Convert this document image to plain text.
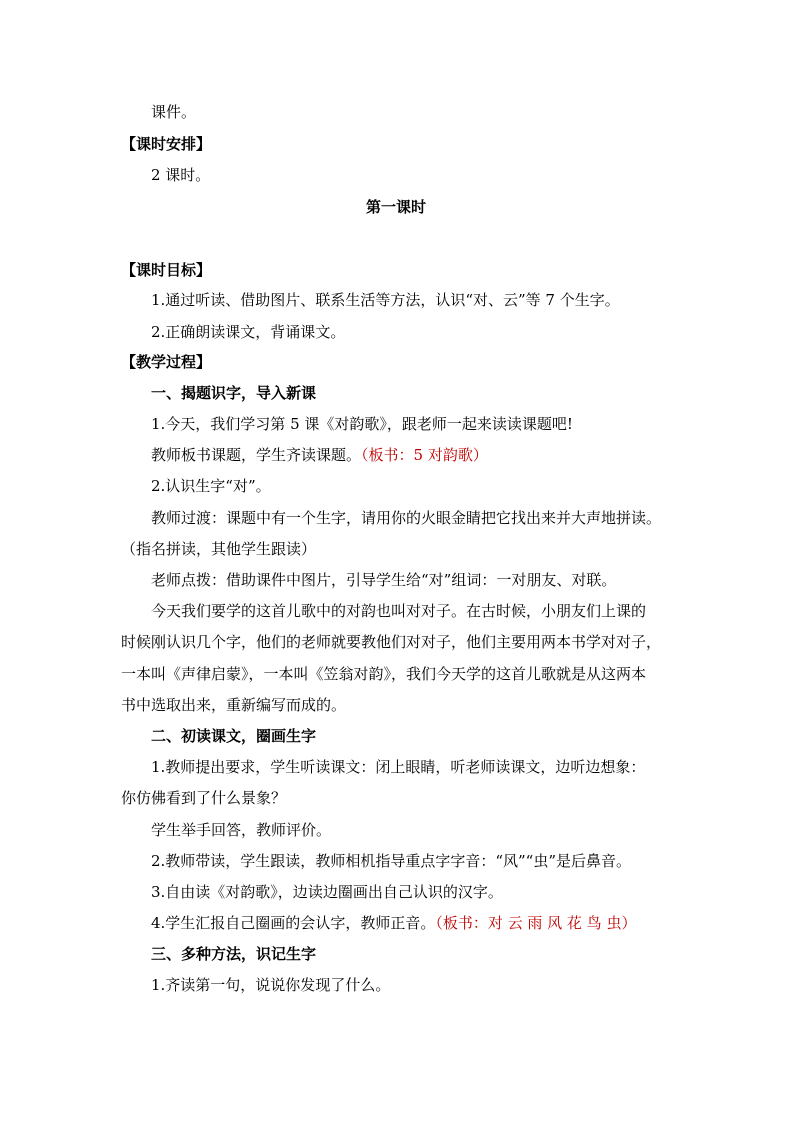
课件。
【课时安排】
2 课时。
第一课时
【课时目标】
1.通过听读、借助图片、联系生活等方法，认识“对、云”等 7 个生字。
2.正确朗读课文，背诵课文。
【教学过程】
一、揭题识字，导入新课
1.今天，我们学习第 5 课《对韵歌》，跟老师一起来读读课题吧!
教师板书课题，学生齐读课题。（板书：5 对韵歌）
2.认识生字“对”。
教师过渡：课题中有一个生字，请用你的火眼金睛把它找出来并大声地拼读。
（指名拼读，其他学生跟读）
老师点拨：借助课件中图片，引导学生给“对”组词：一对朋友、对联。
今天我们要学的这首儿歌中的对韵也叫对对子。在古时候，小朋友们上课的
时候刚认识几个字，他们的老师就要教他们对对子，他们主要用两本书学对对子，
一本叫《声律启蒙》，一本叫《笠翁对韵》，我们今天学的这首儿歌就是从这两本
书中选取出来，重新编写而成的。
二、初读课文，圈画生字
1.教师提出要求，学生听读课文：闭上眼睛，听老师读课文，边听边想象：
你仿佛看到了什么景象？
学生举手回答，教师评价。
2.教师带读，学生跟读，教师相机指导重点字字音：“风”“虫”是后鼻音。
3.自由读《对韵歌》，边读边圈画出自己认识的汉字。
4.学生汇报自己圈画的会认字，教师正音。（板书：对 云 雨 风 花 鸟 虫）
三、多种方法，识记生字
1.齐读第一句，说说你发现了什么。
